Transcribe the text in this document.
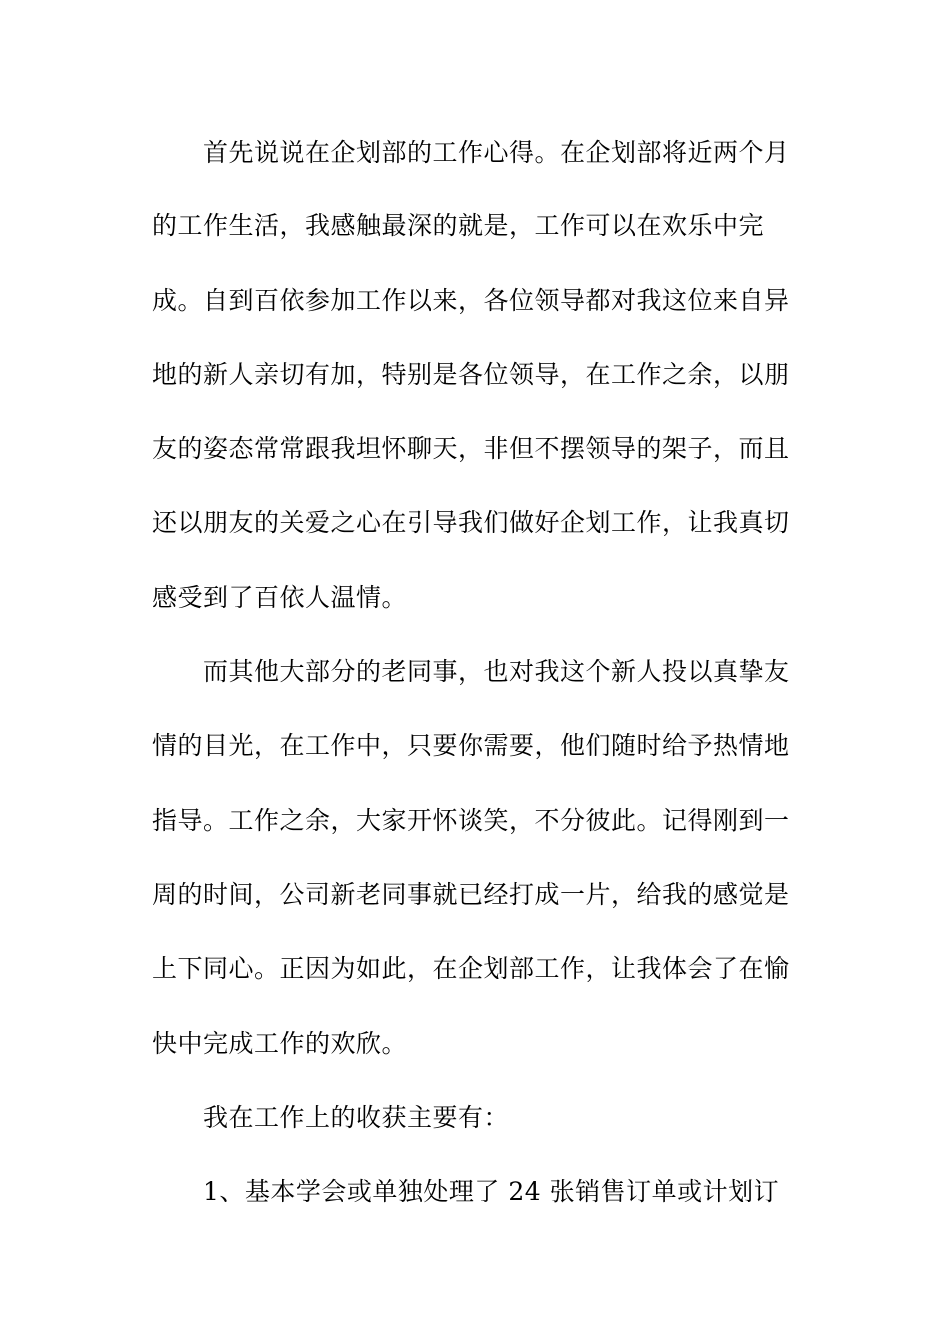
首先说说在企划部的工作心得。在企划部将近两个月
的工作生活，我感触最深的就是，工作可以在欢乐中完
成。自到百依参加工作以来，各位领导都对我这位来自异
地的新人亲切有加，特别是各位领导，在工作之余，以朋
友的姿态常常跟我坦怀聊天，非但不摆领导的架子，而且
还以朋友的关爱之心在引导我们做好企划工作，让我真切
感受到了百依人温情。
而其他大部分的老同事，也对我这个新人投以真挚友
情的目光，在工作中，只要你需要，他们随时给予热情地
指导。工作之余，大家开怀谈笑，不分彼此。记得刚到一
周的时间，公司新老同事就已经打成一片，给我的感觉是
上下同心。正因为如此，在企划部工作，让我体会了在愉
快中完成工作的欢欣。
我在工作上的收获主要有：
1、基本学会或单独处理了 24 张销售订单或计划订
